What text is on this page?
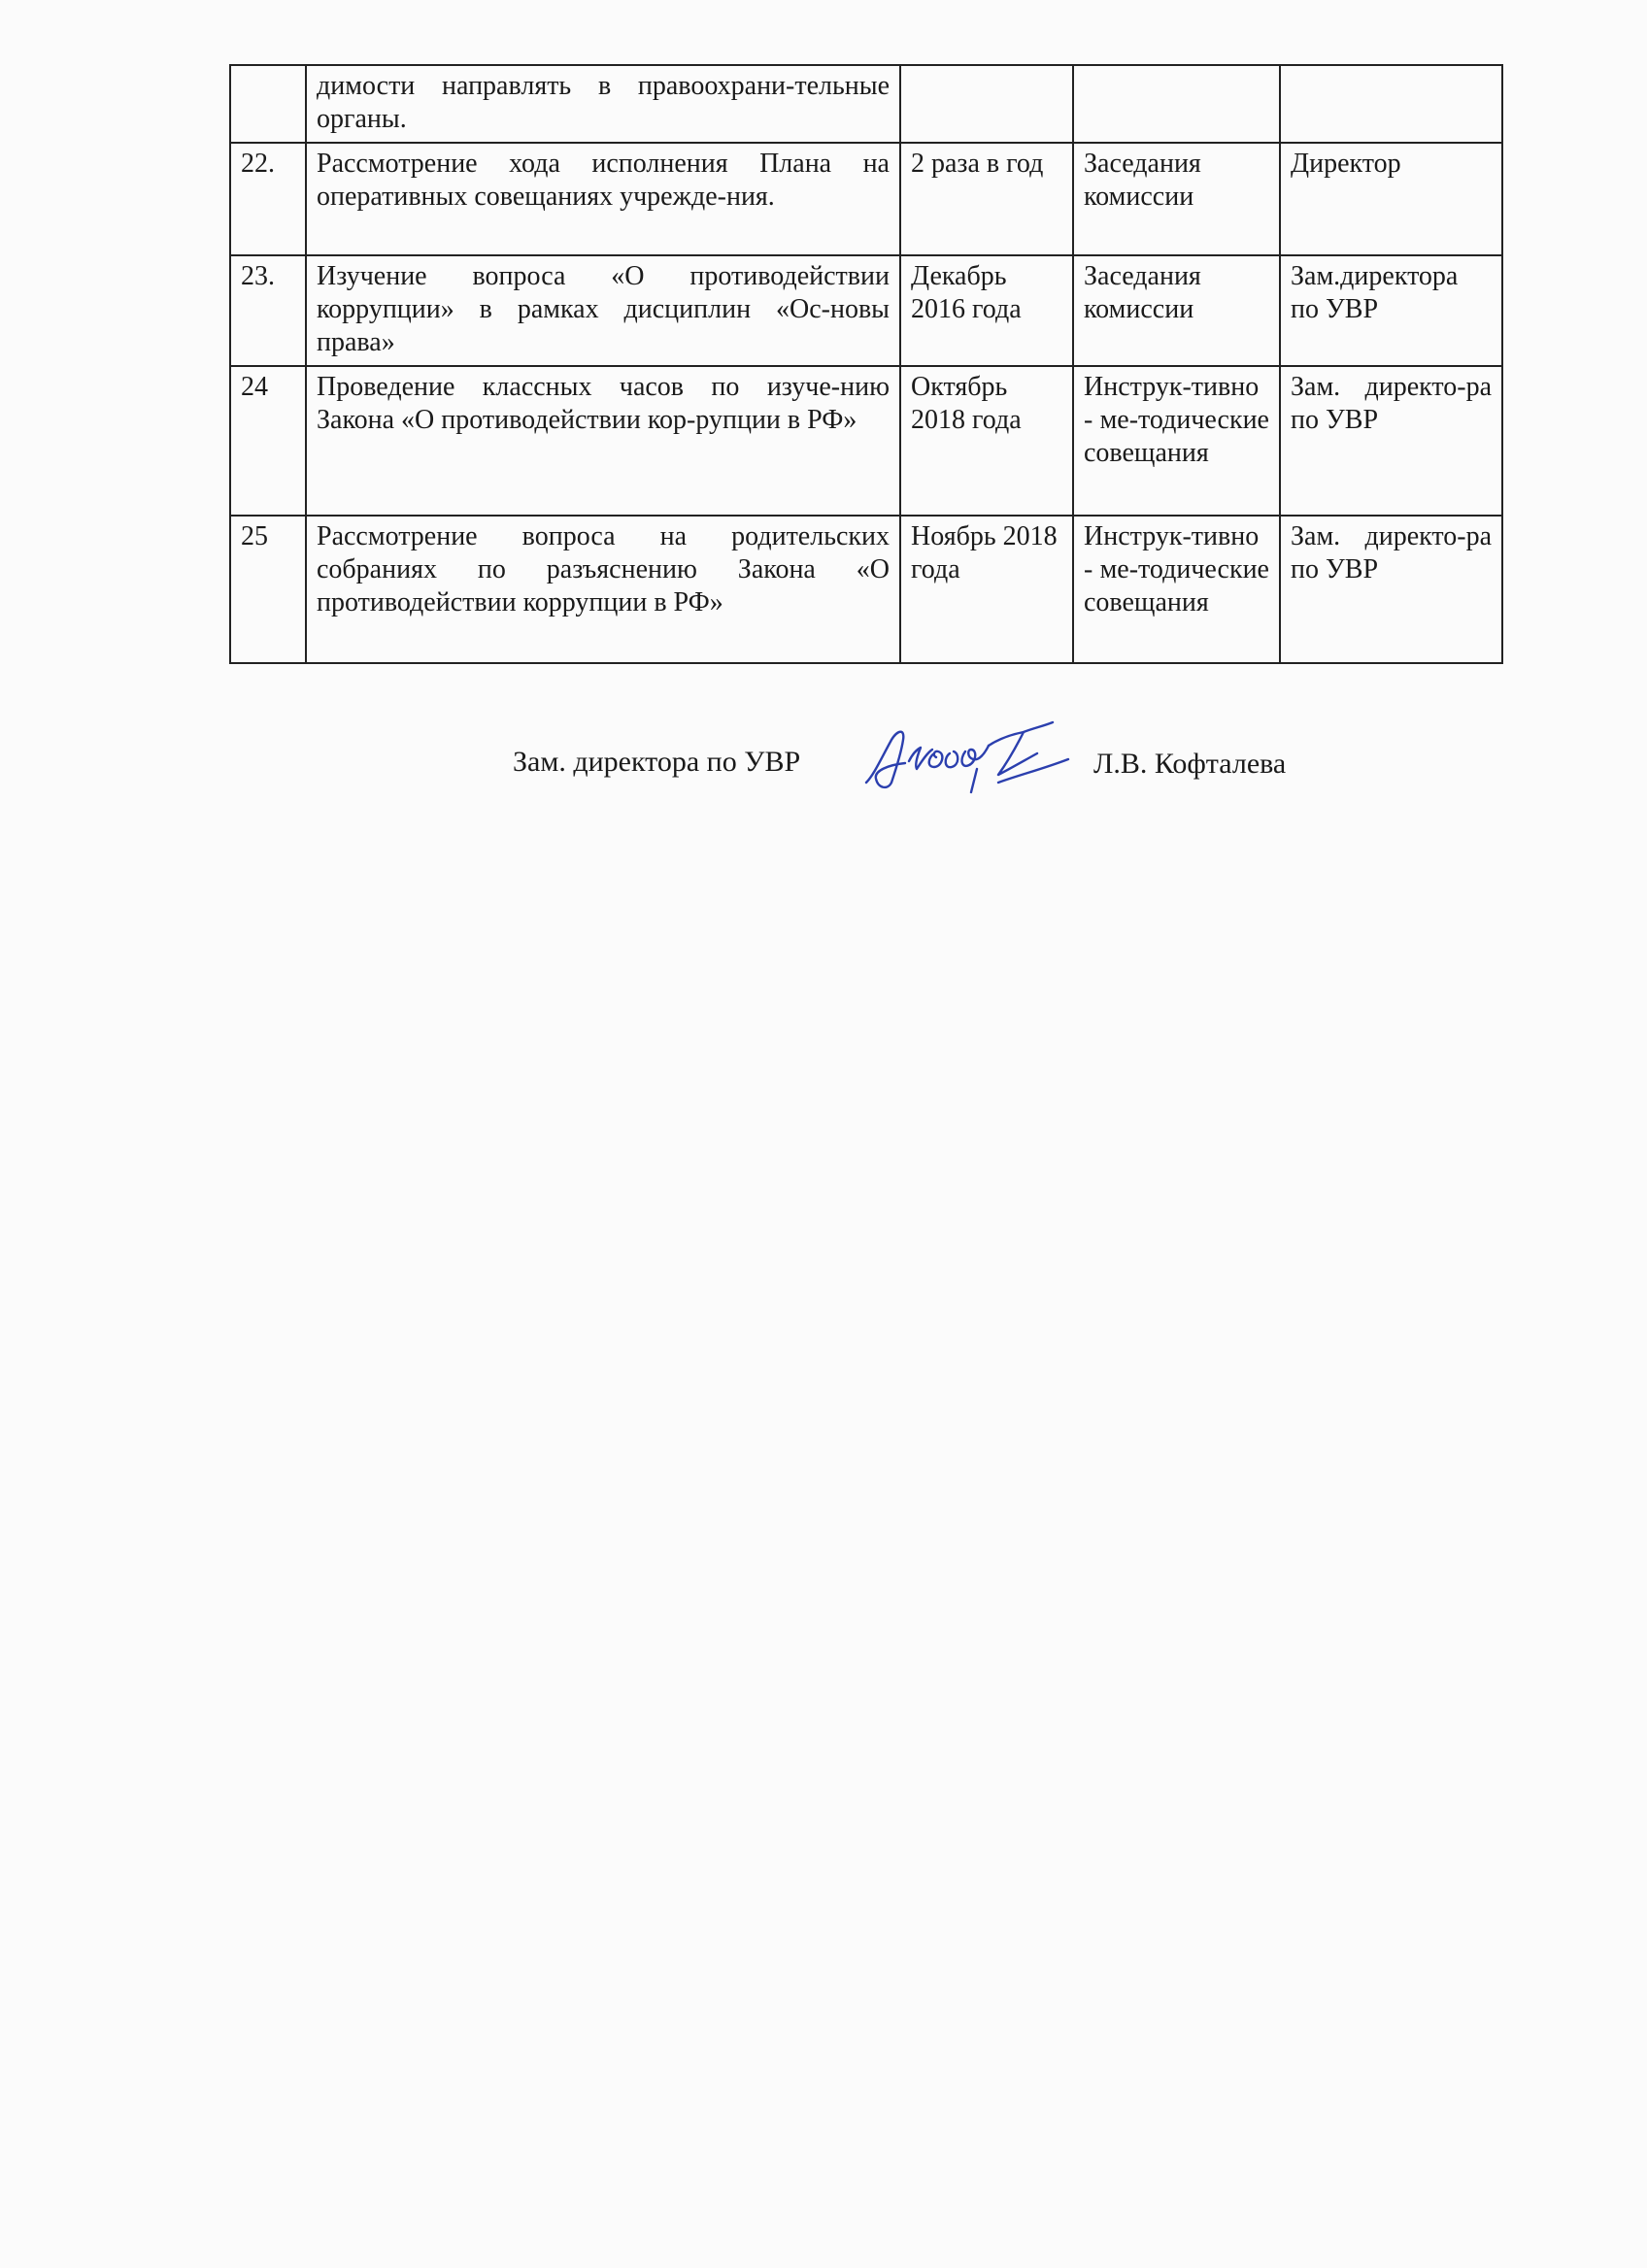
	димости направлять в правоохрани-тельные органы.			
22.	Рассмотрение хода исполнения Плана на оперативных совещаниях учрежде-ния.	2 раза в год	Заседания комиссии	Директор
23.	Изучение вопроса «О противодействии коррупции» в рамках дисциплин «Ос-новы права»	Декабрь 2016 года	Заседания комиссии	Зам.директора по УВР
24	Проведение классных часов по изуче-нию Закона «О противодействии кор-рупции в РФ»	Октябрь 2018 года	Инструк-тивно - ме-тодические совещания	Зам. директо-ра по УВР
25	Рассмотрение вопроса на родительских собраниях по разъяснению Закона «О противодействии коррупции в РФ»	Ноябрь 2018 года	Инструк-тивно - ме-тодические совещания	Зам. директо-ра по УВР
Зам. директора по УВР	Л.В. Кофталева
